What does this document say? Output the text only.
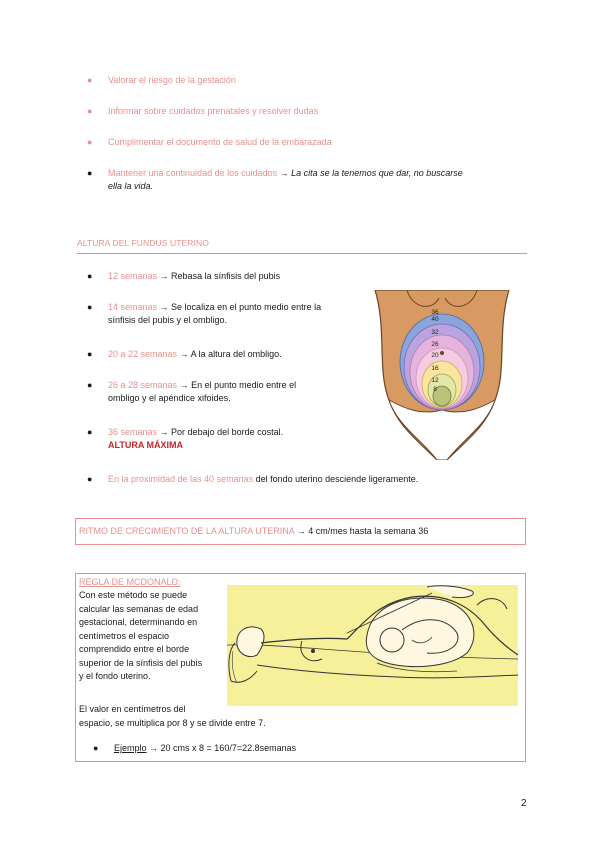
● Valorar el riesgo de la gestación
● Informar sobre cuidados prenatales y resolver dudas
● Cumplimentar el documento de salud de la embarazada
● Mantener una continuidad de los cuidados → La cita se la tenemos que dar, no buscarse
ella la vida.
ALTURA DEL FUNDUS UTERINO
● 12 semanas → Rebasa la sínfisis del pubis
● 14 semanas → Se localiza en el punto medio entre la
sínfisis del pubis y el ombligo.
● 20 a 22 semanas → A la altura del ombligo.
● 26 a 28 semanas → En el punto medio entre el
ombligo y el apéndice xifoides.
● 36 semanas → Por debajo del borde costal.
ALTURA MÁXIMA
● En la proximidad de las 40 semanas del fondo uterino desciende ligeramente.
36
40
32
26
20
16
12
8
RITMO DE CRECIMIENTO DE LA ALTURA UTERINA → 4 cm/mes hasta la semana 36
REGLA DE MCDONALD:
Con este método se puede
calcular las semanas de edad
gestacional, determinando en
centímetros el espacio
comprendido entre el borde
superior de la sínfisis del pubis
y el fondo uterino.
El valor en centímetros del
espacio, se multiplica por 8 y se divide entre 7.
● Ejemplo → 20 cms x 8 = 160/7=22.8semanas
2
